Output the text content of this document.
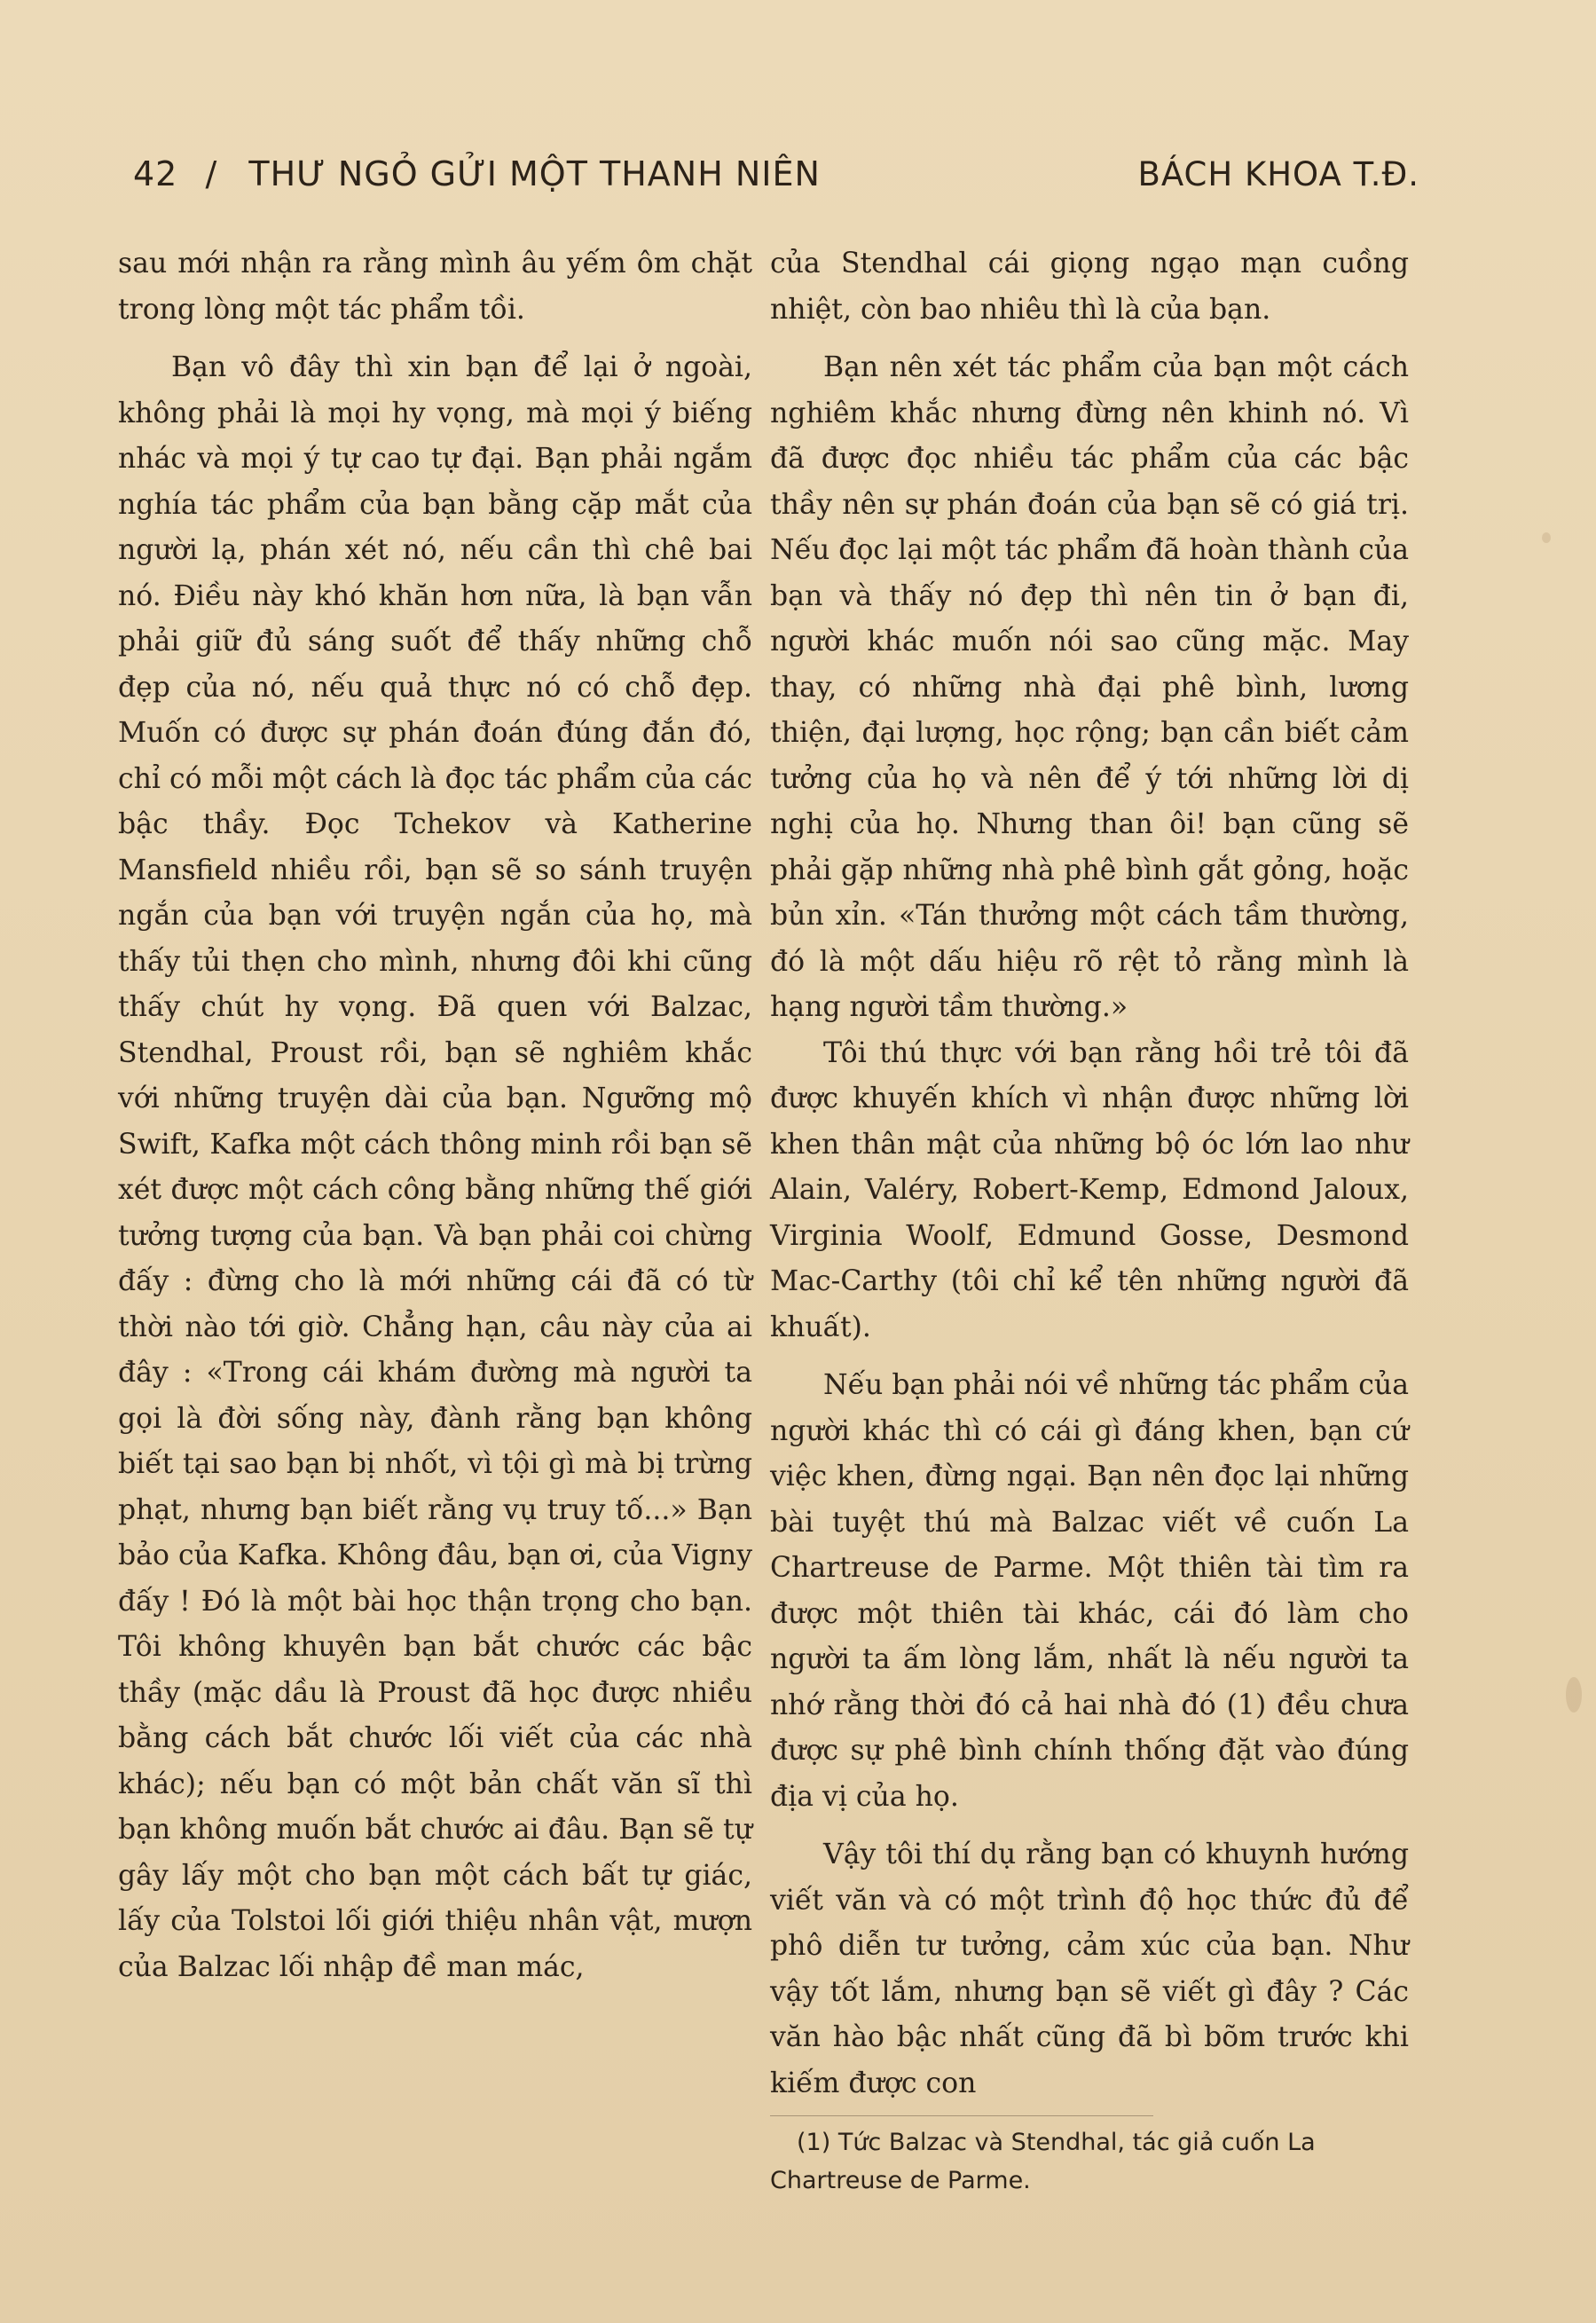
42 / THƯ NGỎ GỬI MỘT THANH NIÊN	BÁCH KHOA T.Đ.

sau mới nhận ra rằng mình âu yếm ôm chặt trong lòng một tác phẩm tồi.

Bạn vô đây thì xin bạn để lại ở ngoài, không phải là mọi hy vọng, mà mọi ý biếng nhác và mọi ý tự cao tự đại. Bạn phải ngắm nghía tác phẩm của bạn bằng cặp mắt của người lạ, phán xét nó, nếu cần thì chê bai nó. Điều này khó khăn hơn nữa, là bạn vẫn phải giữ đủ sáng suốt để thấy những chỗ đẹp của nó, nếu quả thực nó có chỗ đẹp. Muốn có được sự phán đoán đúng đắn đó, chỉ có mỗi một cách là đọc tác phẩm của các bậc thầy. Đọc Tchekov và Katherine Mansfield nhiều rồi, bạn sẽ so sánh truyện ngắn của bạn với truyện ngắn của họ, mà thấy tủi thẹn cho mình, nhưng đôi khi cũng thấy chút hy vọng. Đã quen với Balzac, Stendhal, Proust rồi, bạn sẽ nghiêm khắc với những truyện dài của bạn. Ngưỡng mộ Swift, Kafka một cách thông minh rồi bạn sẽ xét được một cách công bằng những thế giới tưởng tượng của bạn. Và bạn phải coi chừng đấy : đừng cho là mới những cái đã có từ thời nào tới giờ. Chẳng hạn, câu này của ai đây : «Trong cái khám đường mà người ta gọi là đời sống này, đành rằng bạn không biết tại sao bạn bị nhốt, vì tội gì mà bị trừng phạt, nhưng bạn biết rằng vụ truy tố...» Bạn bảo của Kafka. Không đâu, bạn ơi, của Vigny đấy ! Đó là một bài học thận trọng cho bạn. Tôi không khuyên bạn bắt chước các bậc thầy (mặc dầu là Proust đã học được nhiều bằng cách bắt chước lối viết của các nhà khác); nếu bạn có một bản chất văn sĩ thì bạn không muốn bắt chước ai đâu. Bạn sẽ tự gây lấy một cho bạn một cách bất tự giác, lấy của Tolstoi lối giới thiệu nhân vật, mượn của Balzac lối nhập đề man mác,

của Stendhal cái giọng ngạo mạn cuồng nhiệt, còn bao nhiêu thì là của bạn.

Bạn nên xét tác phẩm của bạn một cách nghiêm khắc nhưng đừng nên khinh nó. Vì đã được đọc nhiều tác phẩm của các bậc thầy nên sự phán đoán của bạn sẽ có giá trị. Nếu đọc lại một tác phẩm đã hoàn thành của bạn và thấy nó đẹp thì nên tin ở bạn đi, người khác muốn nói sao cũng mặc. May thay, có những nhà đại phê bình, lương thiện, đại lượng, học rộng; bạn cần biết cảm tưởng của họ và nên để ý tới những lời dị nghị của họ. Nhưng than ôi! bạn cũng sẽ phải gặp những nhà phê bình gắt gỏng, hoặc bủn xỉn. «Tán thưởng một cách tầm thường, đó là một dấu hiệu rõ rệt tỏ rằng mình là hạng người tầm thường.»

Tôi thú thực với bạn rằng hồi trẻ tôi đã được khuyến khích vì nhận được những lời khen thân mật của những bộ óc lớn lao như Alain, Valéry, Robert-Kemp, Edmond Jaloux, Virginia Woolf, Edmund Gosse, Desmond Mac-Carthy (tôi chỉ kể tên những người đã khuất).

Nếu bạn phải nói về những tác phẩm của người khác thì có cái gì đáng khen, bạn cứ việc khen, đừng ngại. Bạn nên đọc lại những bài tuyệt thú mà Balzac viết về cuốn La Chartreuse de Parme. Một thiên tài tìm ra được một thiên tài khác, cái đó làm cho người ta ấm lòng lắm, nhất là nếu người ta nhớ rằng thời đó cả hai nhà đó (1) đều chưa được sự phê bình chính thống đặt vào đúng địa vị của họ.

Vậy tôi thí dụ rằng bạn có khuynh hướng viết văn và có một trình độ học thức đủ để phô diễn tư tưởng, cảm xúc của bạn. Như vậy tốt lắm, nhưng bạn sẽ viết gì đây ? Các văn hào bậc nhất cũng đã bì bõm trước khi kiếm được con

(1) Tức Balzac và Stendhal, tác giả cuốn La Chartreuse de Parme.
